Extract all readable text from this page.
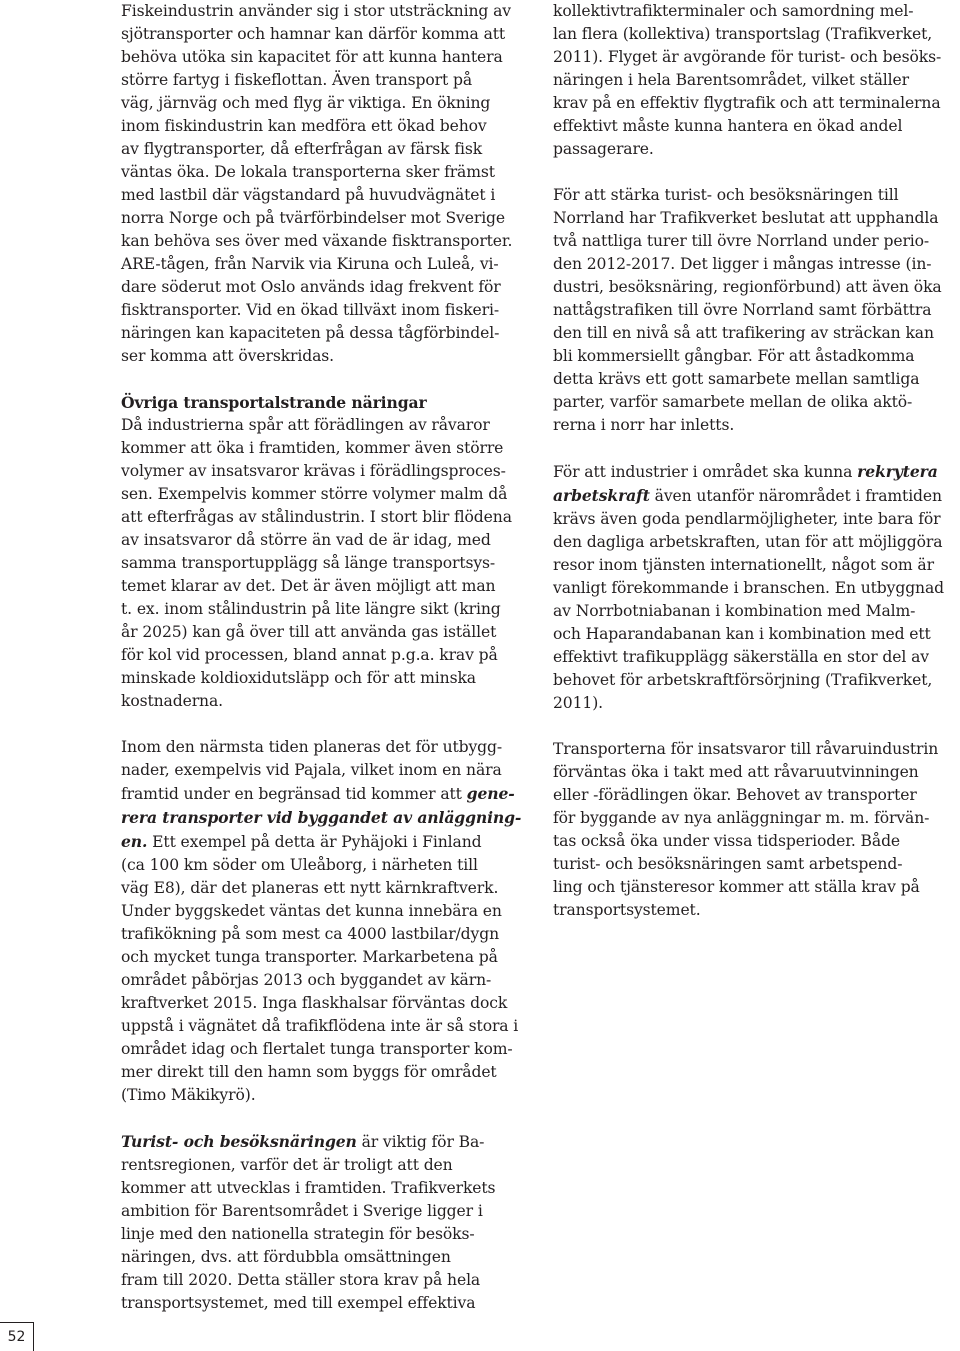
Fiskeindustrin använder sig i stor utsträckning av
sjötransporter och hamnar kan därför komma att
behöva utöka sin kapacitet för att kunna hantera
större fartyg i fiskeflottan. Även transport på
väg, järnväg och med flyg är viktiga. En ökning
inom fiskindustrin kan medföra ett ökad behov
av flygtransporter, då efterfrågan av färsk fisk
väntas öka. De lokala transporterna sker främst
med lastbil där vägstandard på huvudvägnätet i
norra Norge och på tvärförbindelser mot Sverige
kan behöva ses över med växande fisktransporter.
ARE-tågen, från Narvik via Kiruna och Luleå, vi-
dare söderut mot Oslo används idag frekvent för
fisktransporter. Vid en ökad tillväxt inom fiskeri-
näringen kan kapaciteten på dessa tågförbindel-
ser komma att överskridas.

Övriga transportalstrande näringar

Då industrierna spår att förädlingen av råvaror
kommer att öka i framtiden, kommer även större
volymer av insatsvaror krävas i förädlingsproces-
sen. Exempelvis kommer större volymer malm då
att efterfrågas av stålindustrin. I stort blir flödena
av insatsvaror då större än vad de är idag, med
samma transportupplägg så länge transportsys-
temet klarar av det. Det är även möjligt att man
t. ex. inom stålindustrin på lite längre sikt (kring
år 2025) kan gå över till att använda gas istället
för kol vid processen, bland annat p.g.a. krav på
minskade koldioxidutsläpp och för att minska
kostnaderna.

Inom den närmsta tiden planeras det för utbygg-
nader, exempelvis vid Pajala, vilket inom en nära
framtid under en begränsad tid kommer att gene-
rera transporter vid byggandet av anläggning-
en. Ett exempel på detta är Pyhäjoki i Finland
(ca 100 km söder om Uleåborg, i närheten till
väg E8), där det planeras ett nytt kärnkraftverk.
Under byggskedet väntas det kunna innebära en
trafikökning på som mest ca 4000 lastbilar/dygn
och mycket tunga transporter. Markarbetena på
området påbörjas 2013 och byggandet av kärn-
kraftverket 2015. Inga flaskhalsar förväntas dock
uppstå i vägnätet då trafikflödena inte är så stora i
området idag och flertalet tunga transporter kom-
mer direkt till den hamn som byggs för området
(Timo Mäkikyrö).

Turist- och besöksnäringen är viktig för Ba-
rentsregionen, varför det är troligt att den
kommer att utvecklas i framtiden. Trafikverkets
ambition för Barentsområdet i Sverige ligger i
linje med den nationella strategin för besöks-
näringen, dvs. att fördubbla omsättningen
fram till 2020. Detta ställer stora krav på hela
transportsystemet, med till exempel effektiva

kollektivtrafikterminaler och samordning mel-
lan flera (kollektiva) transportslag (Trafikverket,
2011). Flyget är avgörande för turist- och besöks-
näringen i hela Barentsområdet, vilket ställer
krav på en effektiv flygtrafik och att terminalerna
effektivt måste kunna hantera en ökad andel
passagerare.

För att stärka turist- och besöksnäringen till
Norrland har Trafikverket beslutat att upphandla
två nattliga turer till övre Norrland under perio-
den 2012-2017. Det ligger i mångas intresse (in-
dustri, besöksnäring, regionförbund) att även öka
nattågstrafiken till övre Norrland samt förbättra
den till en nivå så att trafikering av sträckan kan
bli kommersiellt gångbar. För att åstadkomma
detta krävs ett gott samarbete mellan samtliga
parter, varför samarbete mellan de olika aktö-
rerna i norr har inletts.

För att industrier i området ska kunna rekrytera
arbetskraft även utanför närområdet i framtiden
krävs även goda pendlarmöjligheter, inte bara för
den dagliga arbetskraften, utan för att möjliggöra
resor inom tjänsten internationellt, något som är
vanligt förekommande i branschen. En utbyggnad
av Norrbotniabanan i kombination med Malm-
och Haparandabanan kan i kombination med ett
effektivt trafikupplägg säkerställa en stor del av
behovet för arbetskraftförsörjning (Trafikverket,
2011).

Transporterna för insatsvaror till råvaruindustrin
förväntas öka i takt med att råvaruutvinningen
eller -förädlingen ökar. Behovet av transporter
för byggande av nya anläggningar m. m. förvän-
tas också öka under vissa tidsperioder. Både
turist- och besöksnäringen samt arbetspend-
ling och tjänsteresor kommer att ställa krav på
transportsystemet.

52
